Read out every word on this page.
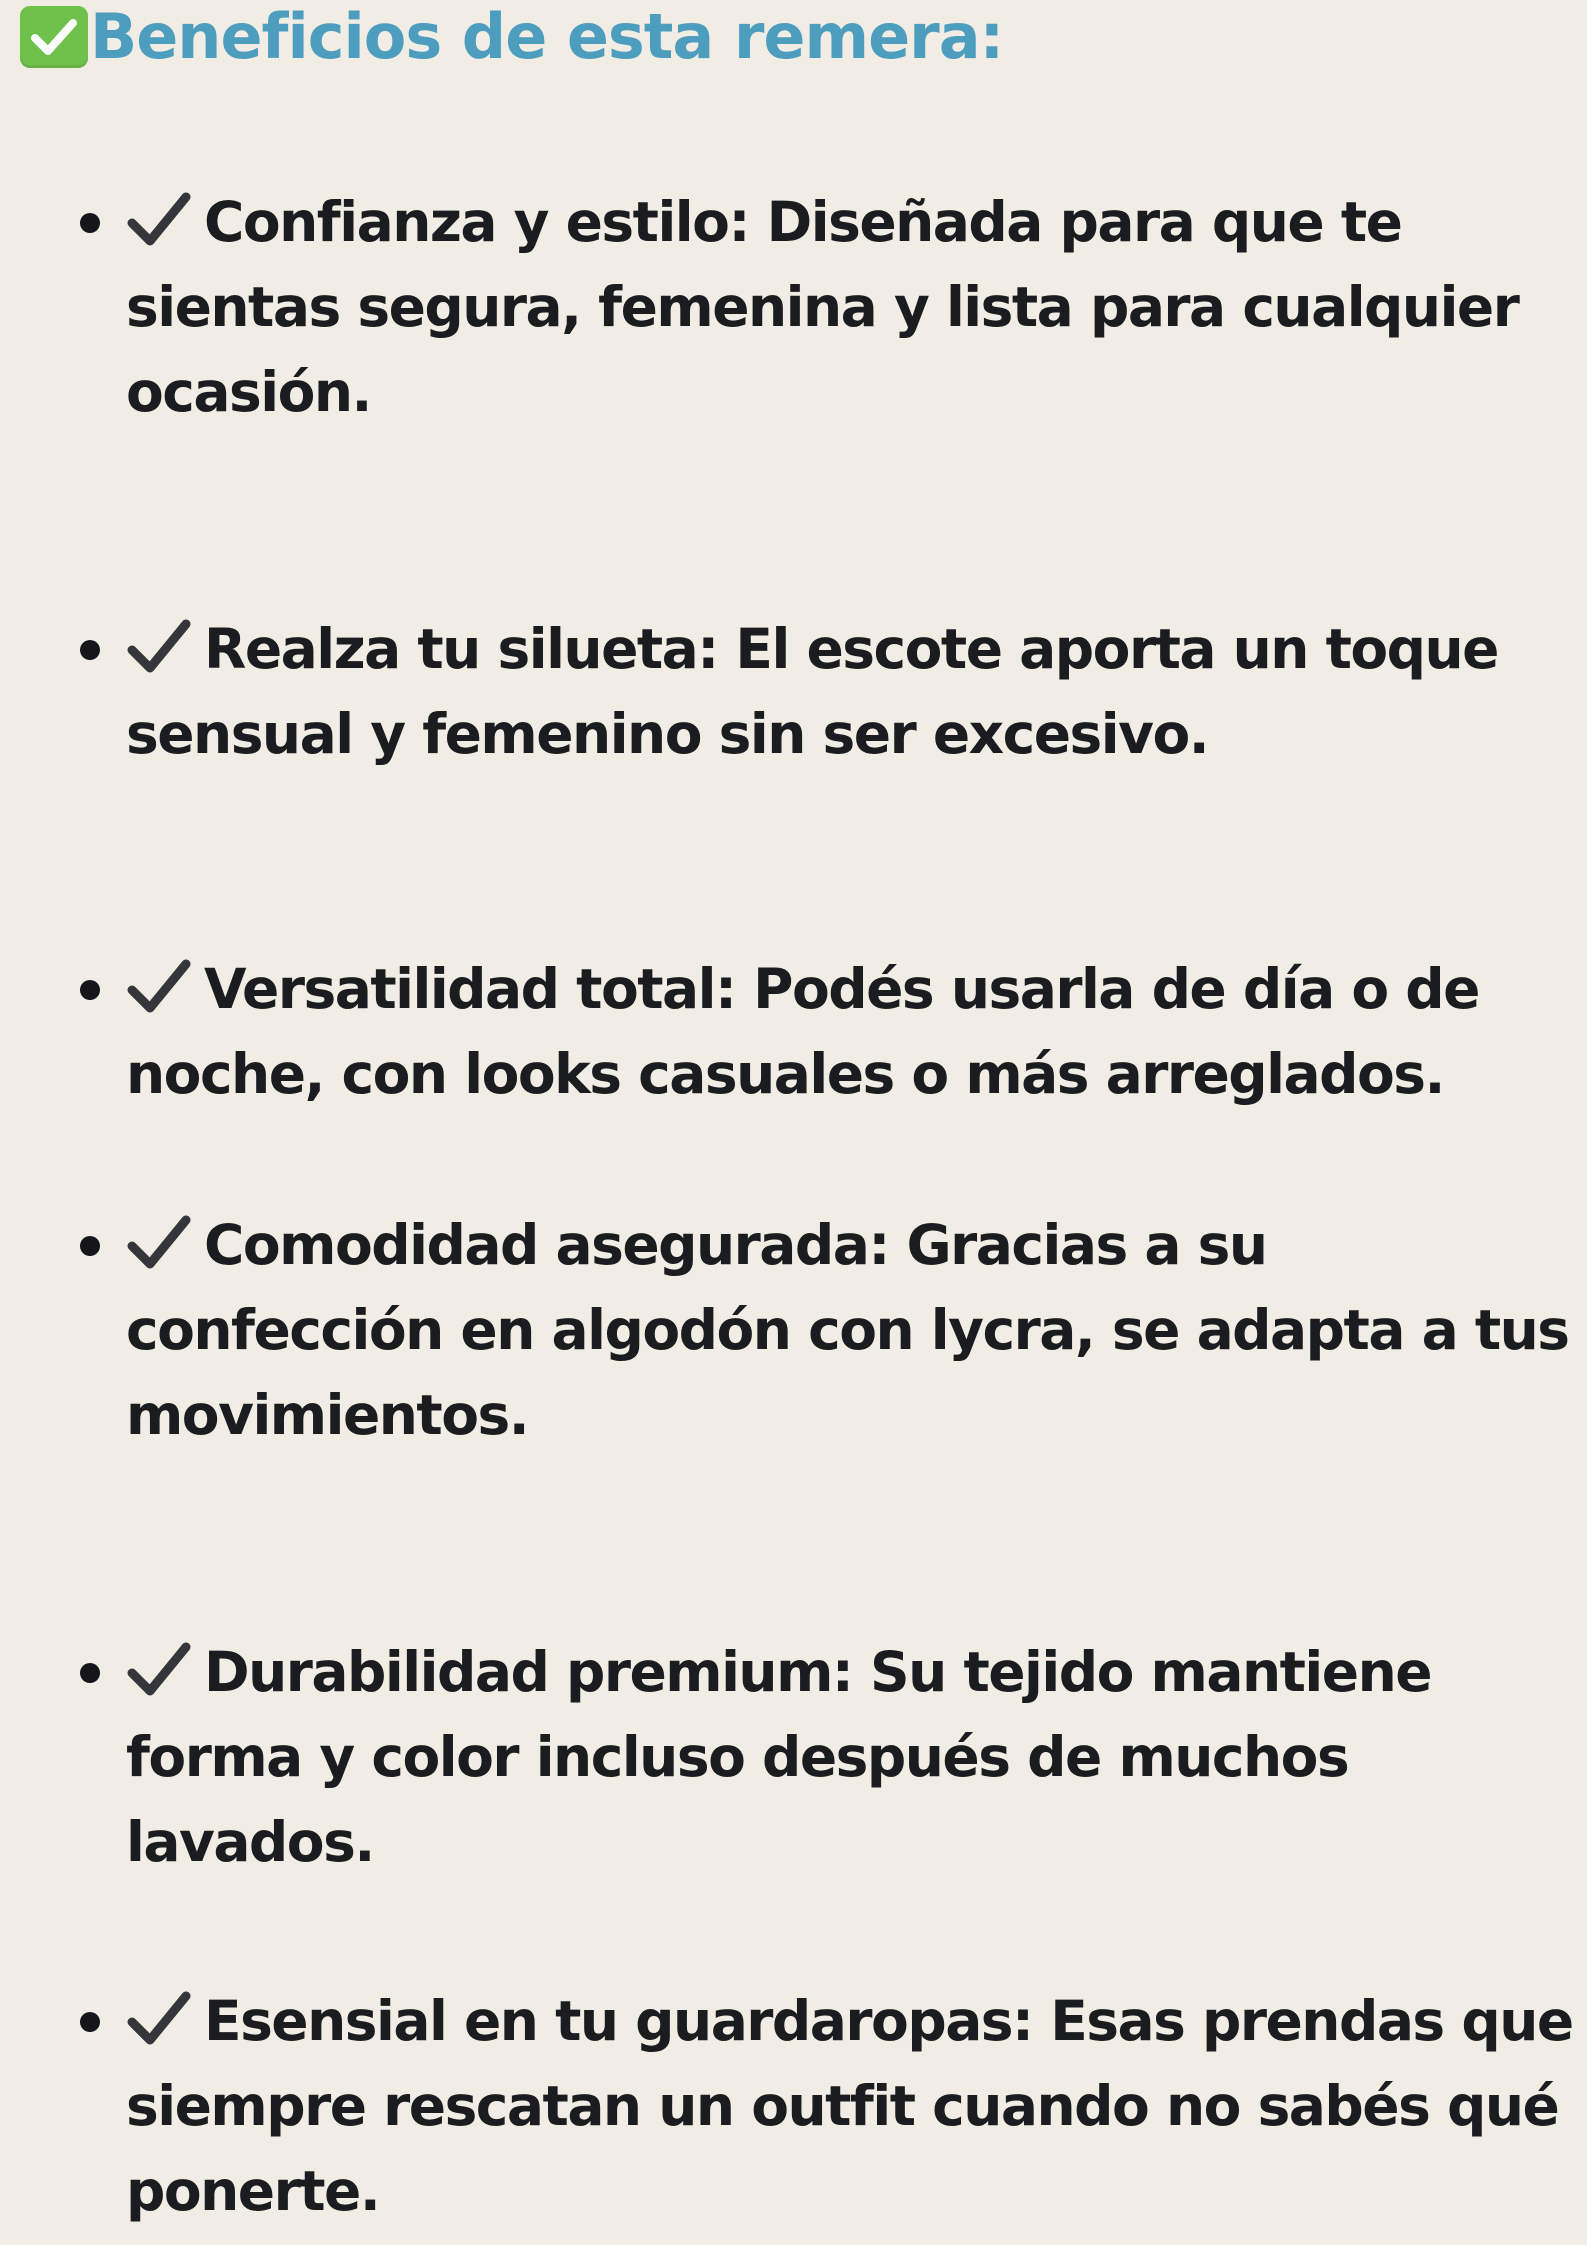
Beneficios de esta remera:
Confianza y estilo: Diseñada para que te
sientas segura, femenina y lista para cualquier
ocasión.
Realza tu silueta: El escote aporta un toque
sensual y femenino sin ser excesivo.
Versatilidad total: Podés usarla de día o de
noche, con looks casuales o más arreglados.
Comodidad asegurada: Gracias a su
confección en algodón con lycra, se adapta a tus
movimientos.
Durabilidad premium: Su tejido mantiene
forma y color incluso después de muchos
lavados.
Esensial en tu guardaropas: Esas prendas que
siempre rescatan un outfit cuando no sabés qué
ponerte.
